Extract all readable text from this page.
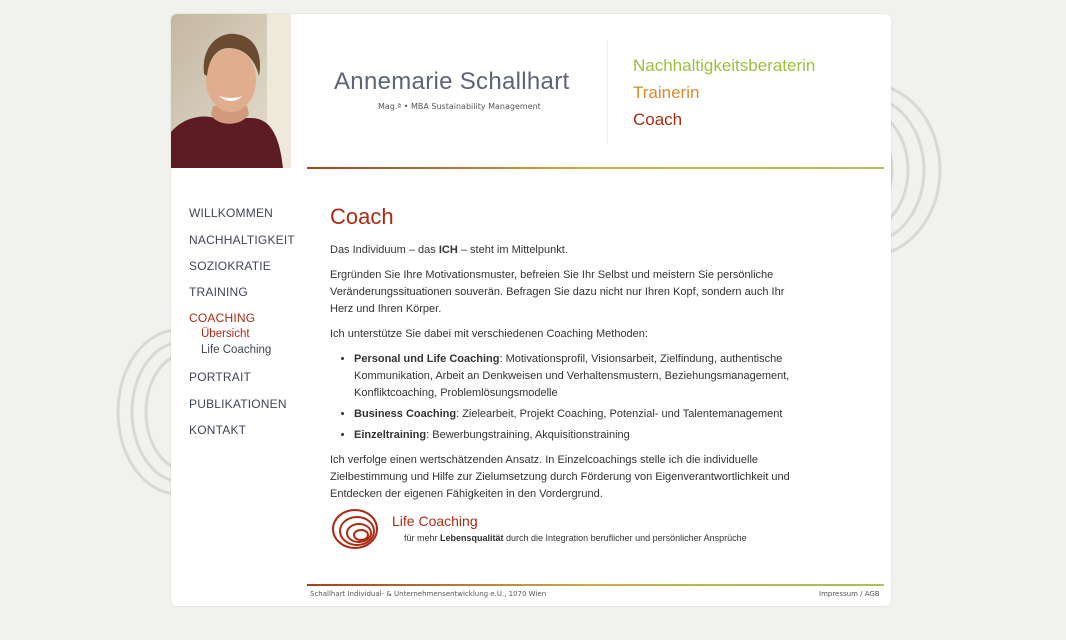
Annemarie Schallhart
Mag.ª • MBA Sustainability Management
Nachhaltigkeitsberaterin
Trainerin
Coach
WILLKOMMEN
NACHHALTIGKEIT
SOZIOKRATIE
TRAINING
COACHING
Übersicht
Life Coaching
PORTRAIT
PUBLIKATIONEN
KONTAKT
Coach

Das Individuum – das ICH – steht im Mittelpunkt.

Ergründen Sie Ihre Motivationsmuster, befreien Sie Ihr Selbst und meistern Sie persönliche Veränderungssituationen souverän. Befragen Sie dazu nicht nur Ihren Kopf, sondern auch Ihr Herz und Ihren Körper.

Ich unterstütze Sie dabei mit verschiedenen Coaching Methoden:

• Personal und Life Coaching: Motivationsprofil, Visionsarbeit, Zielfindung, authentische Kommunikation, Arbeit an Denkweisen und Verhaltensmustern, Beziehungsmanagement, Konfliktcoaching, Problemlösungsmodelle
• Business Coaching: Zielearbeit, Projekt Coaching, Potenzial- und Talentemanagement
• Einzeltraining: Bewerbungstraining, Akquisitionstraining

Ich verfolge einen wertschätzenden Ansatz. In Einzelcoachings stelle ich die individuelle Zielbestimmung und Hilfe zur Zielumsetzung durch Förderung von Eigenverantwortlichkeit und Entdecken der eigenen Fähigkeiten in den Vordergrund.

Life Coaching
für mehr Lebensqualität durch die Integration beruflicher und persönlicher Ansprüche
Schallhart Individual- & Unternehmensentwicklung e.U., 1070 Wien	Impressum / AGB
